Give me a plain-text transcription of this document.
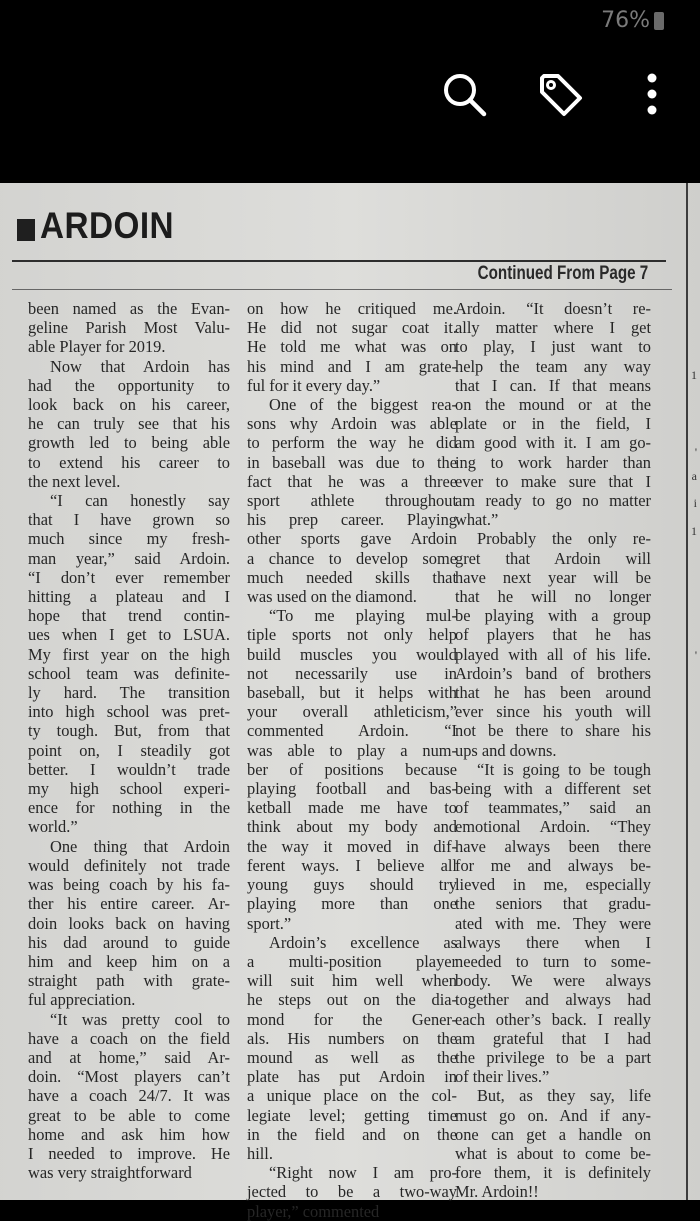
76%
ARDOIN
Continued From Page 7

been named as the Evan-
geline Parish Most Valu-
able Player for 2019.

Now that Ardoin has
had the opportunity to
look back on his career,
he can truly see that his
growth led to being able
to extend his career to
the next level.

“I can honestly say
that I have grown so
much since my fresh-
man year,” said Ardoin.
“I don’t ever remember
hitting a plateau and I
hope that trend contin-
ues when I get to LSUA.
My first year on the high
school team was definite-
ly hard. The transition
into high school was pret-
ty tough. But, from that
point on, I steadily got
better. I wouldn’t trade
my high school experi-
ence for nothing in the
world.”

One thing that Ardoin
would definitely not trade
was being coach by his fa-
ther his entire career. Ar-
doin looks back on having
his dad around to guide
him and keep him on a
straight path with grate-
ful appreciation.

“It was pretty cool to
have a coach on the field
and at home,” said Ar-
doin. “Most players can’t
have a coach 24/7. It was
great to be able to come
home and ask him how
I needed to improve. He
was very straightforward

on how he critiqued me.
He did not sugar coat it.
He told me what was on
his mind and I am grate-
ful for it every day.”

One of the biggest rea-
sons why Ardoin was able
to perform the way he did
in baseball was due to the
fact that he was a three
sport athlete throughout
his prep career. Playing
other sports gave Ardoin
a chance to develop some
much needed skills that
was used on the diamond.

“To me playing mul-
tiple sports not only help
build muscles you would
not necessarily use in
baseball, but it helps with
your overall athleticism,”
commented Ardoin. “I
was able to play a num-
ber of positions because
playing football and bas-
ketball made me have to
think about my body and
the way it moved in dif-
ferent ways. I believe all
young guys should try
playing more than one
sport.”

Ardoin’s excellence as
a multi-position player
will suit him well when
he steps out on the dia-
mond for the Gener-
als. His numbers on the
mound as well as the
plate has put Ardoin in
a unique place on the col-
legiate level; getting time
in the field and on the
hill.

“Right now I am pro-
jected to be a two-way
player,” commented

Ardoin. “It doesn’t re-
ally matter where I get
to play, I just want to
help the team any way
that I can. If that means
on the mound or at the
plate or in the field, I
am good with it. I am go-
ing to work harder than
ever to make sure that I
am ready to go no matter
what.”

Probably the only re-
gret that Ardoin will
have next year will be
that he will no longer
be playing with a group
of players that he has
played with all of his life.
Ardoin’s band of brothers
that he has been around
ever since his youth will
not be there to share his
ups and downs.

“It is going to be tough
being with a different set
of teammates,” said an
emotional Ardoin. “They
have always been there
for me and always be-
lieved in me, especially
the seniors that gradu-
ated with me. They were
always there when I
needed to turn to some-
body. We were always
together and always had
each other’s back. I really
am grateful that I had
the privilege to be a part
of their lives.”

But, as they say, life
must go on. And if any-
one can get a handle on
what is about to come be-
fore them, it is definitely
Mr. Ardoin!!

1
'
a
i
1
'
